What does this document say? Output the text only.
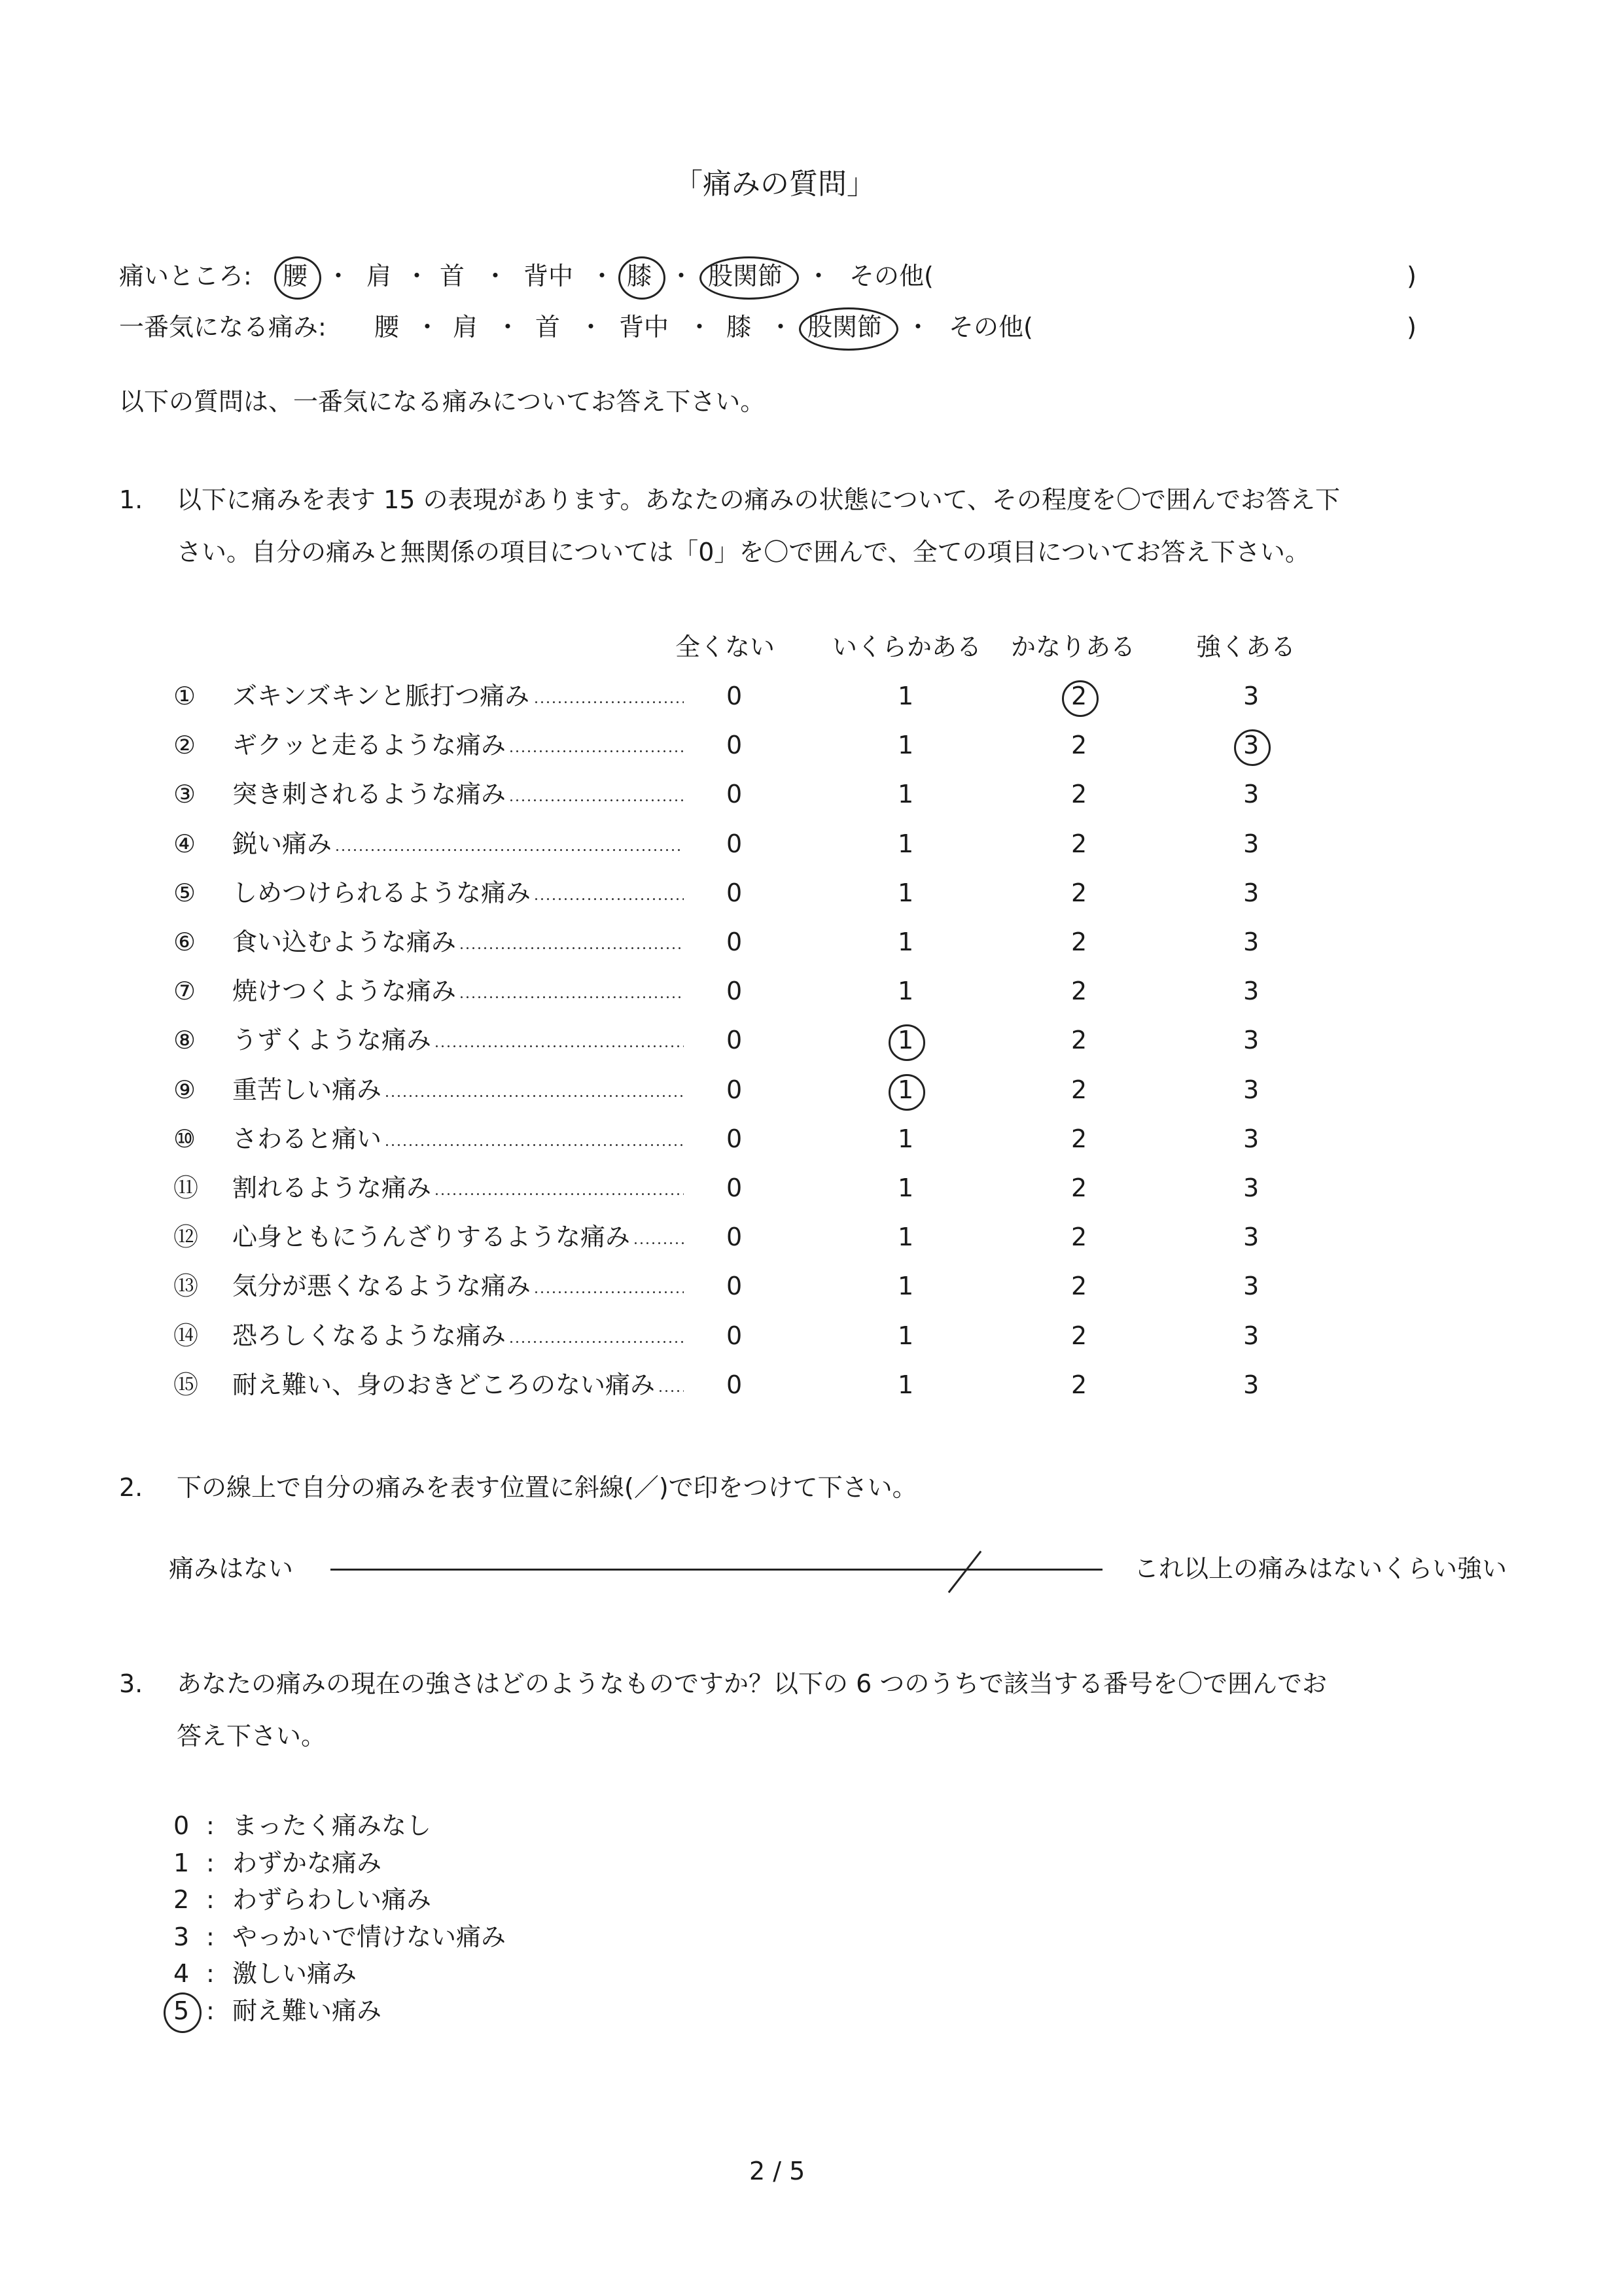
「痛みの質問」
痛いところ: 腰 ・ 肩 ・ 首 ・ 背中 ・ 膝 ・ 股関節 ・ その他(	)
一番気になる痛み: 腰 ・ 肩 ・ 首 ・ 背中 ・ 膝 ・ 股関節 ・ その他(	)
以下の質問は、一番気になる痛みについてお答え下さい。
1. 以下に痛みを表す 15 の表現があります。あなたの痛みの状態について、その程度を〇で囲んでお答え下
さい。自分の痛みと無関係の項目については「0」を〇で囲んで、全ての項目についてお答え下さい。
全くない いくらかある かなりある 強くある
① ズキンズキンと脈打つ痛み	0	1	2	3
② ギクッと走るような痛み	0	1	2	3
③ 突き刺されるような痛み	0	1	2	3
④ 鋭い痛み	0	1	2	3
⑤ しめつけられるような痛み	0	1	2	3
⑥ 食い込むような痛み	0	1	2	3
⑦ 焼けつくような痛み	0	1	2	3
⑧ うずくような痛み	0	1	2	3
⑨ 重苦しい痛み	0	1	2	3
⑩ さわると痛い	0	1	2	3
⑪ 割れるような痛み	0	1	2	3
⑫ 心身ともにうんざりするような痛み	0	1	2	3
⑬ 気分が悪くなるような痛み	0	1	2	3
⑭ 恐ろしくなるような痛み	0	1	2	3
⑮ 耐え難い、身のおきどころのない痛み	0	1	2	3
2. 下の線上で自分の痛みを表す位置に斜線(／)で印をつけて下さい。
痛みはない	これ以上の痛みはないくらい強い
3. あなたの痛みの現在の強さはどのようなものですか？以下の 6 つのうちで該当する番号を〇で囲んでお
答え下さい。
0 : まったく痛みなし
1 : わずかな痛み
2 : わずらわしい痛み
3 : やっかいで情けない痛み
4 : 激しい痛み
5 : 耐え難い痛み
2 / 5
